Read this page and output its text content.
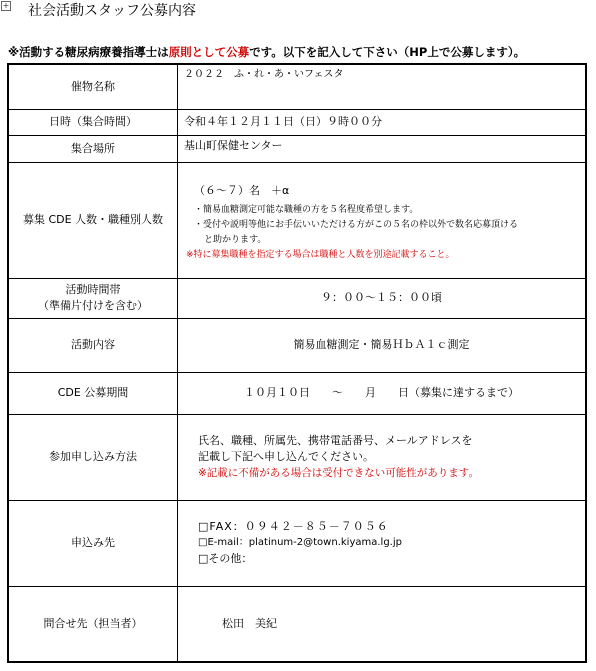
+ 社会活動スタッフ公募内容
※活動する糖尿病療養指導士は原則として公募です。以下を記入して下さい（HP上で公募します）。
催物名称	２０２２　ふ・れ・あ・いフェスタ
日時（集合時間）	令和４年１２月１１日（日）９時００分
集合場所	基山町保健センター
募集 CDE 人数・職種別人数	（６～７）名　＋α
・簡易血糖測定可能な職種の方を５名程度希望します。
・受付や説明等他にお手伝いいただける方がこの５名の枠以外で数名応募頂ける
と助かります。
※特に募集職種を指定する場合は職種と人数を別途記載すること。

活動時間帯
（準備片付けを含む）	９：００～１５：００頃
活動内容	簡易血糖測定・簡易ＨｂＡ１ｃ測定
CDE 公募期間	１０月１０日　　～　　月　　日（募集に達するまで）
参加申し込み方法	氏名、職種、所属先、携帯電話番号、メールアドレスを
記載し下記へ申し込んでください。
※記載に不備がある場合は受付できない可能性があります。

申込み先	□FAX：０９４２－８５－７０５６
□E-mail：platinum-2@town.kiyama.lg.jp
□その他：

問合せ先（担当者）	松田　美紀
